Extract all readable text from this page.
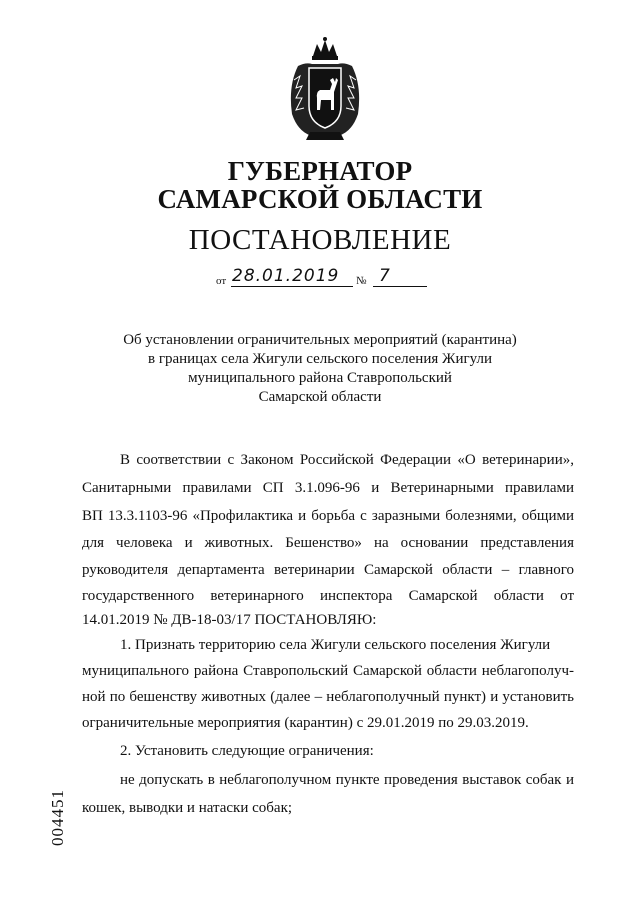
ГУБЕРНАТОР
САМАРСКОЙ ОБЛАСТИ
ПОСТАНОВЛЕНИЕ
от 28.01.2019 № 7
Об установлении ограничительных мероприятий (карантина)
в границах села Жигули сельского поселения Жигули
муниципального района Ставропольский
Самарской области
В соответствии с Законом Российской Федерации «О ветеринарии»,
Санитарными правилами СП 3.1.096-96 и Ветеринарными правилами
ВП 13.3.1103-96 «Профилактика и борьба с заразными болезнями, общими
для человека и животных. Бешенство» на основании представления
руководителя департамента ветеринарии Самарской области – главного
государственного ветеринарного инспектора Самарской области от
14.01.2019 № ДВ-18-03/17 ПОСТАНОВЛЯЮ:
1. Признать территорию села Жигули сельского поселения Жигули
муниципального района Ставропольский Самарской области неблагополуч-
ной по бешенству животных (далее – неблагополучный пункт) и установить
ограничительные мероприятия (карантин) с 29.01.2019 по 29.03.2019.
2. Установить следующие ограничения:
не допускать в неблагополучном пункте проведения выставок собак и
кошек, выводки и натаски собак;
004451
